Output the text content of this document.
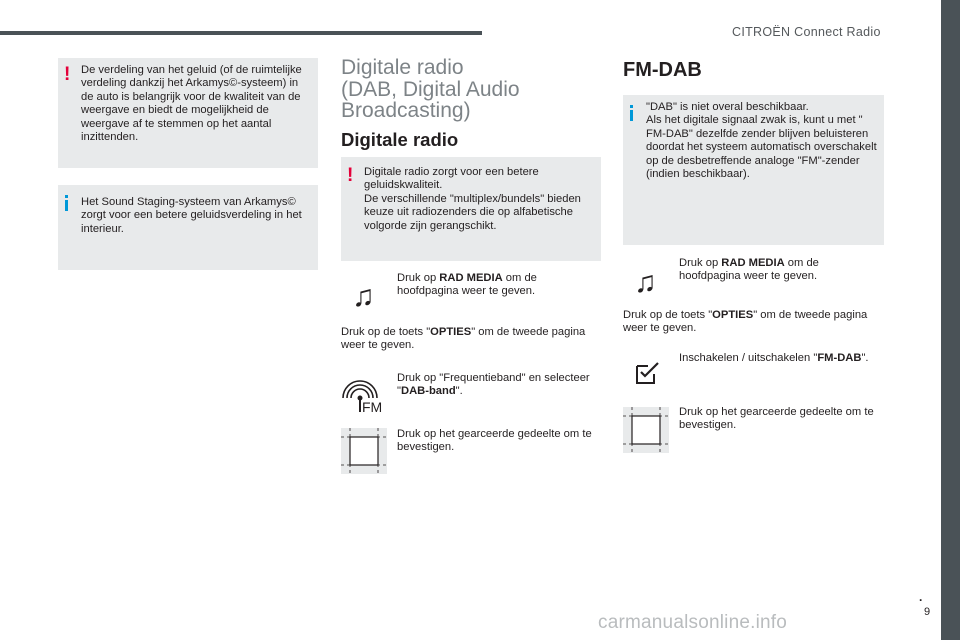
CITROËN Connect Radio
.
9
carmanualsonline.info
! De verdeling van het geluid (of de ruimtelijke verdeling dankzij het Arkamys©-systeem) in de auto is belangrijk voor de kwaliteit van de weergave en biedt de mogelijkheid de weergave af te stemmen op het aantal inzittenden.
Het Sound Staging-systeem van Arkamys© zorgt voor een betere geluidsverdeling in het interieur.
Digitale radio
(DAB, Digital Audio
Broadcasting)
Digitale radio
! Digitale radio zorgt voor een betere geluidskwaliteit.
De verschillende "multiplex/bundels" bieden keuze uit radiozenders die op alfabetische volgorde zijn gerangschikt.
♫
Druk op RAD MEDIA om de hoofdpagina weer te geven.
Druk op de toets "OPTIES" om de tweede pagina weer te geven.
FM
Druk op "Frequentieband" en selecteer "DAB-band".
Druk op het gearceerde gedeelte om te bevestigen.
FM-DAB
"DAB" is niet overal beschikbaar.
Als het digitale signaal zwak is, kunt u met " FM-DAB" dezelfde zender blijven beluisteren doordat het systeem automatisch overschakelt op de desbetreffende analoge "FM"-zender (indien beschikbaar).
♫
Druk op RAD MEDIA om de hoofdpagina weer te geven.
Druk op de toets "OPTIES" om de tweede pagina weer te geven.
Inschakelen / uitschakelen "FM-DAB".
Druk op het gearceerde gedeelte om te bevestigen.
